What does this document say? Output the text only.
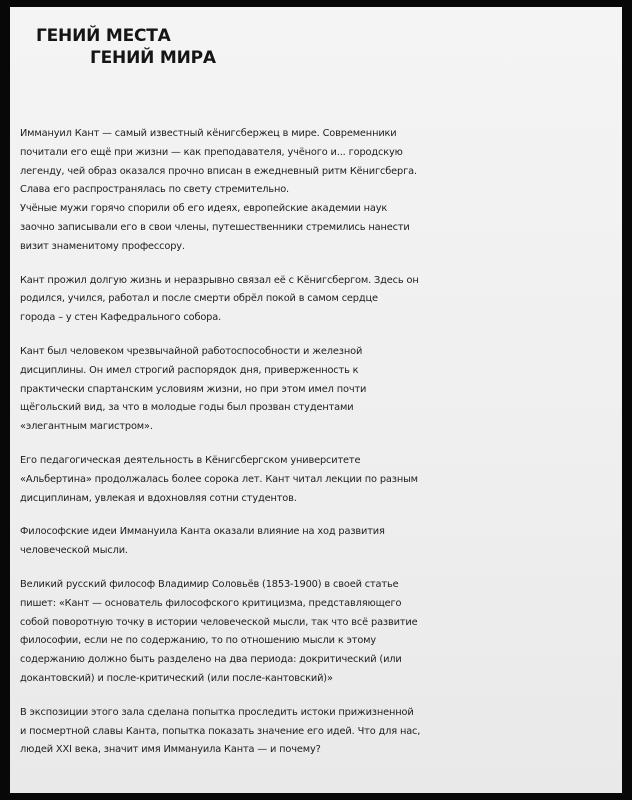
ГЕНИЙ МЕСТА
ГЕНИЙ МИРА

Иммануил Кант — самый известный кёнигсбержец в мире. Современники
почитали его ещё при жизни — как преподавателя, учёного и... городскую
легенду, чей образ оказался прочно вписан в ежедневный ритм Кёнигсберга.
Слава его распространялась по свету стремительно.
Учёные мужи горячо спорили об его идеях, европейские академии наук
заочно записывали его в свои члены, путешественники стремились нанести
визит знаменитому профессору.

Кант прожил долгую жизнь и неразрывно связал её с Кёнигсбергом. Здесь он
родился, учился, работал и после смерти обрёл покой в самом сердце
города – у стен Кафедрального собора.

Кант был человеком чрезвычайной работоспособности и железной
дисциплины. Он имел строгий распорядок дня, приверженность к
практически спартанским условиям жизни, но при этом имел почти
щёгольский вид, за что в молодые годы был прозван студентами
«элегантным магистром».

Его педагогическая деятельность в Кёнигсбергском университете
«Альбертина» продолжалась более сорока лет. Кант читал лекции по разным
дисциплинам, увлекая и вдохновляя сотни студентов.

Философские идеи Иммануила Канта оказали влияние на ход развития
человеческой мысли.

Великий русский философ Владимир Соловьёв (1853-1900) в своей статье
пишет: «Кант — основатель философского критицизма, представляющего
собой поворотную точку в истории человеческой мысли, так что всё развитие
философии, если не по содержанию, то по отношению мысли к этому
содержанию должно быть разделено на два периода: докритический (или
докантовский) и после-критический (или после-кантовский)»

В экспозиции этого зала сделана попытка проследить истоки прижизненной
и посмертной славы Канта, попытка показать значение его идей. Что для нас,
людей XXI века, значит имя Иммануила Канта — и почему?
